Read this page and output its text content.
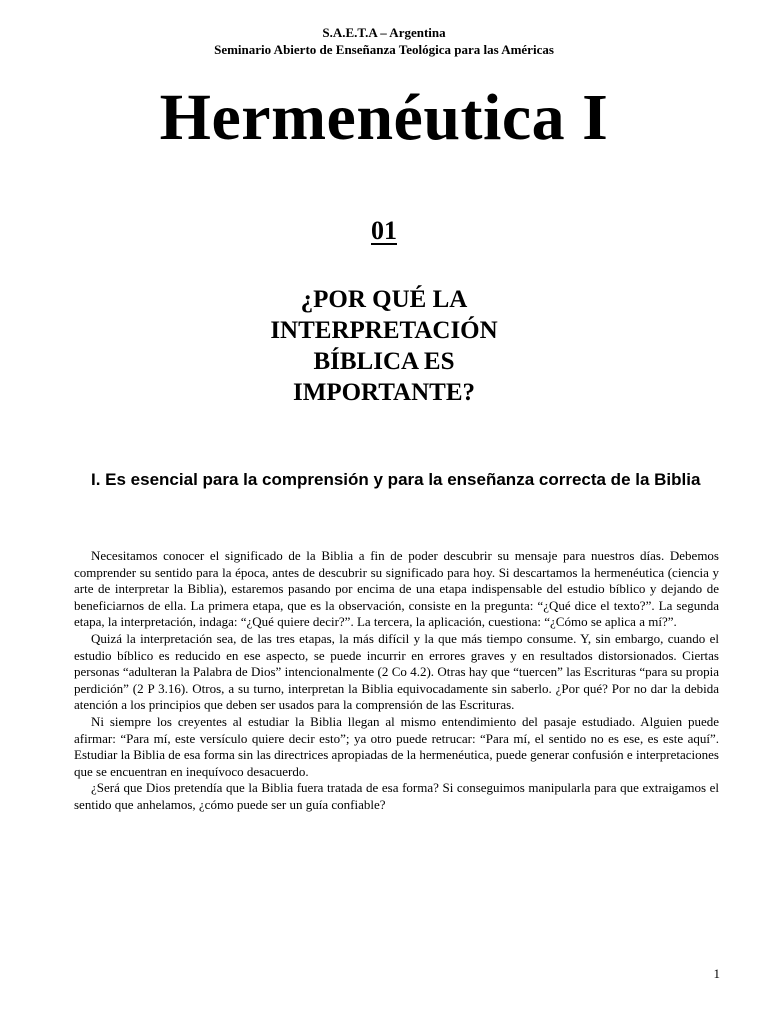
S.A.E.T.A – Argentina
Seminario Abierto de Enseñanza Teológica para las Américas
Hermenéutica I
01
¿POR QUÉ LA
INTERPRETACIÓN
BÍBLICA ES
IMPORTANTE?
I. Es esencial para la comprensión y para la enseñanza correcta de la Biblia

Necesitamos conocer el significado de la Biblia a fin de poder descubrir su mensaje para nuestros días. Debemos comprender su sentido para la época, antes de descubrir su significado para hoy. Si descartamos la hermenéutica (ciencia y arte de interpretar la Biblia), estaremos pasando por encima de una etapa indispensable del estudio bíblico y dejando de beneficiarnos de ella. La primera etapa, que es la observación, consiste en la pregunta: “¿Qué dice el texto?”. La segunda etapa, la interpretación, indaga: “¿Qué quiere decir?”. La tercera, la aplicación, cuestiona: “¿Cómo se aplica a mí?”.

Quizá la interpretación sea, de las tres etapas, la más difícil y la que más tiempo consume. Y, sin embargo, cuando el estudio bíblico es reducido en ese aspecto, se puede incurrir en errores graves y en resultados distorsionados. Ciertas personas “adulteran la Palabra de Dios” intencionalmente (2 Co 4.2). Otras hay que “tuercen” las Escrituras “para su propia perdición” (2 P 3.16). Otros, a su turno, interpretan la Biblia equivocadamente sin saberlo. ¿Por qué? Por no dar la debida atención a los principios que deben ser usados para la comprensión de las Escrituras.

Ni siempre los creyentes al estudiar la Biblia llegan al mismo entendimiento del pasaje estudiado. Alguien puede afirmar: “Para mí, este versículo quiere decir esto”; ya otro puede retrucar: “Para mí, el sentido no es ese, es este aquí”. Estudiar la Biblia de esa forma sin las directrices apropiadas de la hermenéutica, puede generar confusión e interpretaciones que se encuentran en inequívoco desacuerdo.

¿Será que Dios pretendía que la Biblia fuera tratada de esa forma? Si conseguimos manipularla para que extraigamos el sentido que anhelamos, ¿cómo puede ser un guía confiable?

1
